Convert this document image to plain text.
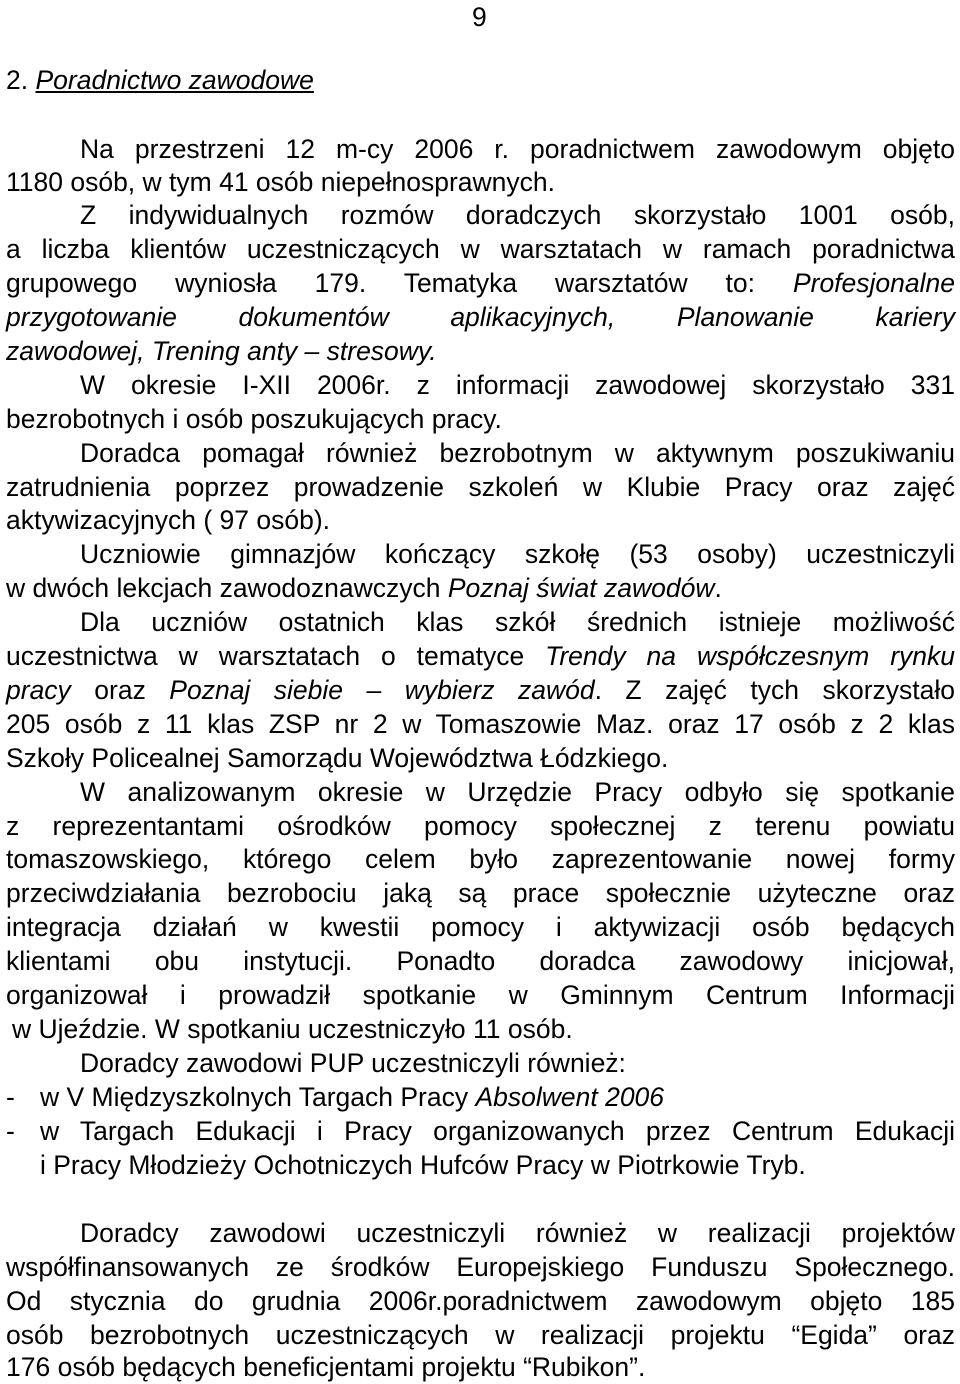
9
2. Poradnictwo zawodowe
Na przestrzeni 12 m-cy 2006 r. poradnictwem zawodowym objęto
1180 osób, w tym 41 osób niepełnosprawnych.
Z indywidualnych rozmów doradczych skorzystało 1001 osób,
a liczba klientów uczestniczących w warsztatach w ramach poradnictwa
grupowego wyniosła 179. Tematyka warsztatów to: Profesjonalne
przygotowanie dokumentów aplikacyjnych, Planowanie kariery
zawodowej, Trening anty – stresowy.
W okresie I-XII 2006r. z informacji zawodowej skorzystało 331
bezrobotnych i osób poszukujących pracy.
Doradca pomagał również bezrobotnym w aktywnym poszukiwaniu
zatrudnienia poprzez prowadzenie szkoleń w Klubie Pracy oraz zajęć
aktywizacyjnych ( 97 osób).
Uczniowie gimnazjów kończący szkołę (53 osoby) uczestniczyli
w dwóch lekcjach zawodoznawczych Poznaj świat zawodów.
Dla uczniów ostatnich klas szkół średnich istnieje możliwość
uczestnictwa w warsztatach o tematyce Trendy na współczesnym rynku
pracy oraz Poznaj siebie – wybierz zawód. Z zajęć tych skorzystało
205 osób z 11 klas ZSP nr 2 w Tomaszowie Maz. oraz 17 osób z 2 klas
Szkoły Policealnej Samorządu Województwa Łódzkiego.
W analizowanym okresie w Urzędzie Pracy odbyło się spotkanie
z reprezentantami ośrodków pomocy społecznej z terenu powiatu
tomaszowskiego, którego celem było zaprezentowanie nowej formy
przeciwdziałania bezrobociu jaką są prace społecznie użyteczne oraz
integracja działań w kwestii pomocy i aktywizacji osób będących
klientami obu instytucji. Ponadto doradca zawodowy inicjował,
organizował i prowadził spotkanie w Gminnym Centrum Informacji
w Ujeździe. W spotkaniu uczestniczyło 11 osób.
Doradcy zawodowi PUP uczestniczyli również:
- w V Międzyszkolnych Targach Pracy Absolwent 2006
- w Targach Edukacji i Pracy organizowanych przez Centrum Edukacji
i Pracy Młodzieży Ochotniczych Hufców Pracy w Piotrkowie Tryb.
Doradcy zawodowi uczestniczyli również w realizacji projektów
współfinansowanych ze środków Europejskiego Funduszu Społecznego.
Od stycznia do grudnia 2006r.poradnictwem zawodowym objęto 185
osób bezrobotnych uczestniczących w realizacji projektu “Egida” oraz
176 osób będących beneficjentami projektu “Rubikon”.
